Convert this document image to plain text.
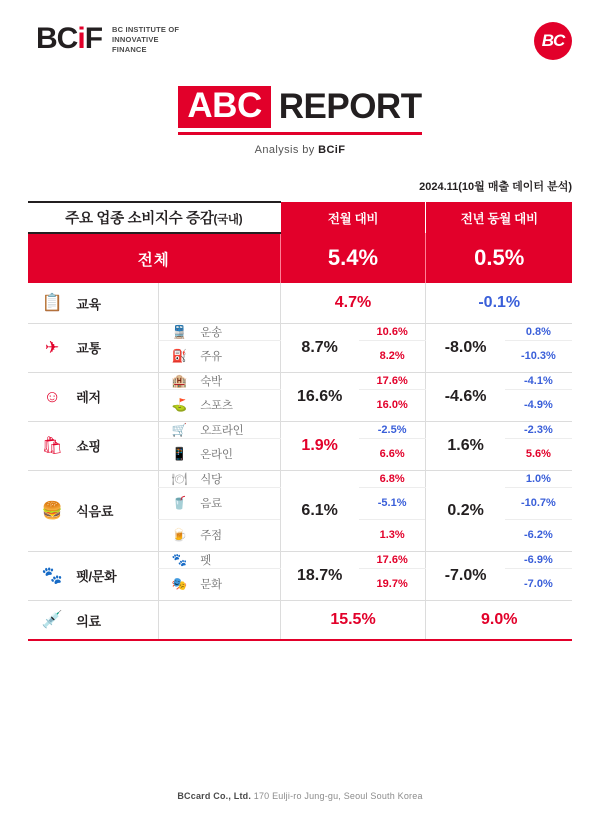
BCiF BC INSTITUTE OF
INNOVATIVE
FINANCE	BC
ABC REPORT
Analysis by BCiF
2024.11(10월 매출 데이터 분석)
주요 업종 소비지수 증감(국내)				전월 대비		전년 동월 대비	
전체				5.4%		0.5%	
📋	교육			4.7%		-0.1%	
✈	교통	🚆	운송	8.7%	10.6%	-8.0%	0.8%
		⛽	주유		8.2%		-10.3%
☺	레저	🏨	숙박	16.6%	17.6%	-4.6%	-4.1%
		⛳	스포츠		16.0%		-4.9%
🛍	쇼핑	🛒	오프라인	1.9%	-2.5%	1.6%	-2.3%
		📱	온라인		6.6%		5.6%
🍔	식음료	🍽	식당	6.1%	6.8%	0.2%	1.0%
		🥤	음료		-5.1%		-10.7%
		🍺	주점		1.3%		-6.2%
🐾	펫/문화	🐾	펫	18.7%	17.6%	-7.0%	-6.9%
		🎭	문화		19.7%		-7.0%
💉	의료			15.5%		9.0%	
BCcard Co., Ltd. 170 Eulji-ro Jung-gu, Seoul South Korea
